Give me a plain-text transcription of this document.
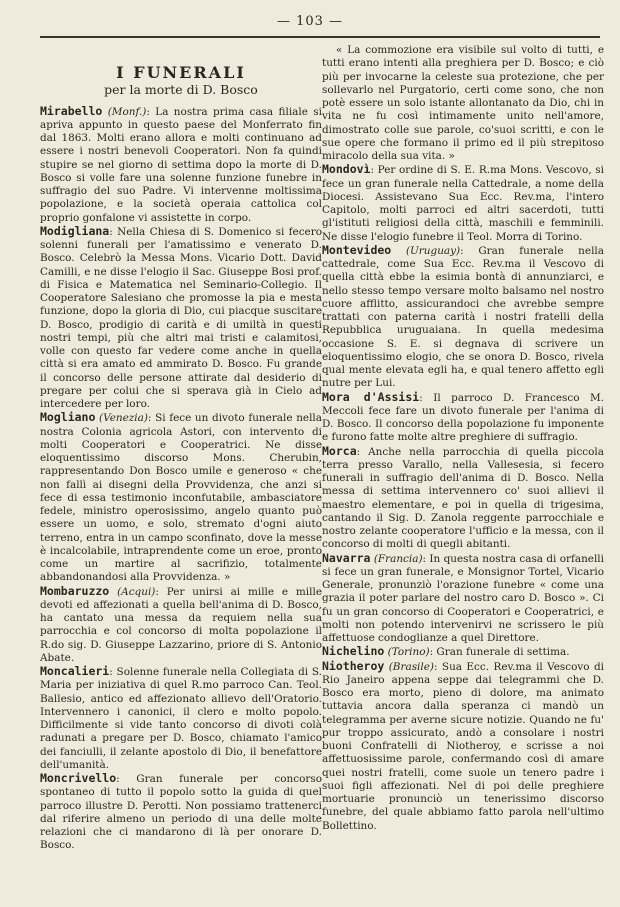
— 103 —
I FUNERALI
per la morte di D. Bosco

Mirabello (Monf.): La nostra prima casa filiale si apriva appunto in questo paese del Monferrato fin dal 1863. Molti erano allora e molti continuano ad essere i nostri benevoli Cooperatori. Non fa quindi stupire se nel giorno di settima dopo la morte di D. Bosco si volle fare una solenne funzione funebre in suffragio del suo Padre. Vi intervenne moltissima popolazione, e la società operaia cattolica col proprio gonfalone vi assistette in corpo.

Modigliana: Nella Chiesa di S. Domenico si fecero solenni funerali per l'amatissimo e venerato D. Bosco. Celebrò la Messa Mons. Vicario Dott. David Camilli, e ne disse l'elogio il Sac. Giuseppe Bosi prof. di Fisica e Matematica nel Seminario-Collegio. Il Cooperatore Salesiano che promosse la pia e mesta funzione, dopo la gloria di Dio, cui piacque suscitare D. Bosco, prodigio di carità e di umiltà in questi nostri tempi, più che altri mai tristi e calamitosi, volle con questo far vedere come anche in quella città si era amato ed ammirato D. Bosco. Fu grande il concorso delle persone attirate dal desiderio di pregare per colui che si sperava già in Cielo ad intercedere per loro.

Mogliano (Venezia): Si fece un divoto funerale nella nostra Colonia agricola Astori, con intervento di molti Cooperatori e Cooperatrici. Ne disse eloquentissimo discorso Mons. Cherubin, rappresentando Don Bosco umile e generoso « che non fallì ai disegni della Provvidenza, che anzi si fece di essa testimonio inconfutabile, ambasciatore fedele, ministro operosissimo, angelo quanto può essere un uomo, e solo, stremato d'ogni aiuto terreno, entra in un campo sconfinato, dove la messe è incalcolabile, intraprendente come un eroe, pronto come un martire al sacrifizio, totalmente abbandonandosi alla Provvidenza. »

Mombaruzzo (Acqui): Per unirsi ai mille e mille devoti ed affezionati a quella bell'anima di D. Bosco, ha cantato una messa da requiem nella sua parrocchia e col concorso di molta popolazione il R.do sig. D. Giuseppe Lazzarino, priore di S. Antonio Abate.

Moncalieri: Solenne funerale nella Collegiata di S. Maria per iniziativa di quel R.mo parroco Can. Teol. Ballesio, antico ed affezionato allievo dell'Oratorio. Intervennero i canonici, il clero e molto popolo. Difficilmente si vide tanto concorso di divoti colà radunati a pregare per D. Bosco, chiamato l'amico dei fanciulli, il zelante apostolo di Dio, il benefattore dell'umanità.

Moncrivello: Gran funerale per concorso spontaneo di tutto il popolo sotto la guida di quel parroco illustre D. Perotti. Non possiamo trattenerci dal riferire almeno un periodo di una delle molte relazioni che ci mandarono di là per onorare D. Bosco.

« La commozione era visibile sul volto di tutti, e tutti erano intenti alla preghiera per D. Bosco; e ciò più per invocarne la celeste sua protezione, che per sollevarlo nel Purgatorio, certi come sono, che non potè essere un solo istante allontanato da Dio, chi in vita ne fu così intimamente unito nell'amore, dimostrato colle sue parole, co'suoi scritti, e con le sue opere che formano il primo ed il più strepitoso miracolo della sua vita. »

Mondovì: Per ordine di S. E. R.ma Mons. Vescovo, si fece un gran funerale nella Cattedrale, a nome della Diocesi. Assistevano Sua Ecc. Rev.ma, l'intero Capitolo, molti parroci ed altri sacerdoti, tutti gl'istituti religiosi della città, maschili e femminili. Ne disse l'elogio funebre il Teol. Morra di Torino.

Montevideo (Uruguay): Gran funerale nella cattedrale, come Sua Ecc. Rev.ma il Vescovo di quella città ebbe la esimia bontà di annunziarci, e nello stesso tempo versare molto balsamo nel nostro cuore afflitto, assicurandoci che avrebbe sempre trattati con paterna carità i nostri fratelli della Repubblica uruguaiana. In quella medesima occasione S. E. si degnava di scrivere un eloquentissimo elogio, che se onora D. Bosco, rivela qual mente elevata egli ha, e qual tenero affetto egli nutre per Lui.

Mora d'Assisi: Il parroco D. Francesco M. Meccoli fece fare un divoto funerale per l'anima di D. Bosco. Il concorso della popolazione fu imponente e furono fatte molte altre preghiere di suffragio.

Morca: Anche nella parrocchia di quella piccola terra presso Varallo, nella Vallesesia, si fecero funerali in suffragio dell'anima di D. Bosco. Nella messa di settima intervennero co' suoi allievi il maestro elementare, e poi in quella di trigesima, cantando il Sig. D. Zanola reggente parrocchiale e nostro zelante cooperatore l'ufficio e la messa, con il concorso di molti di quegli abitanti.

Navarra (Francia): In questa nostra casa di orfanelli si fece un gran funerale, e Monsignor Tortel, Vicario Generale, pronunziò l'orazione funebre « come una grazia il poter parlare del nostro caro D. Bosco ». Ci fu un gran concorso di Cooperatori e Cooperatrici, e molti non potendo intervenirvi ne scrissero le più affettuose condoglianze a quel Direttore.

Nichelino (Torino): Gran funerale di settima.

Niotheroy (Brasile): Sua Ecc. Rev.ma il Vescovo di Rio Janeiro appena seppe dai telegrammi che D. Bosco era morto, pieno di dolore, ma animato tuttavia ancora dalla speranza ci mandò un telegramma per averne sicure notizie. Quando ne fu' pur troppo assicurato, andò a consolare i nostri buoni Confratelli di Niotheroy, e scrisse a noi affettuosissime parole, confermando così di amare quei nostri fratelli, come suole un tenero padre i suoi figli affezionati. Nel di poi delle preghiere mortuarie pronunciò un tenerissimo discorso funebre, del quale abbiamo fatto parola nell'ultimo Bollettino.
